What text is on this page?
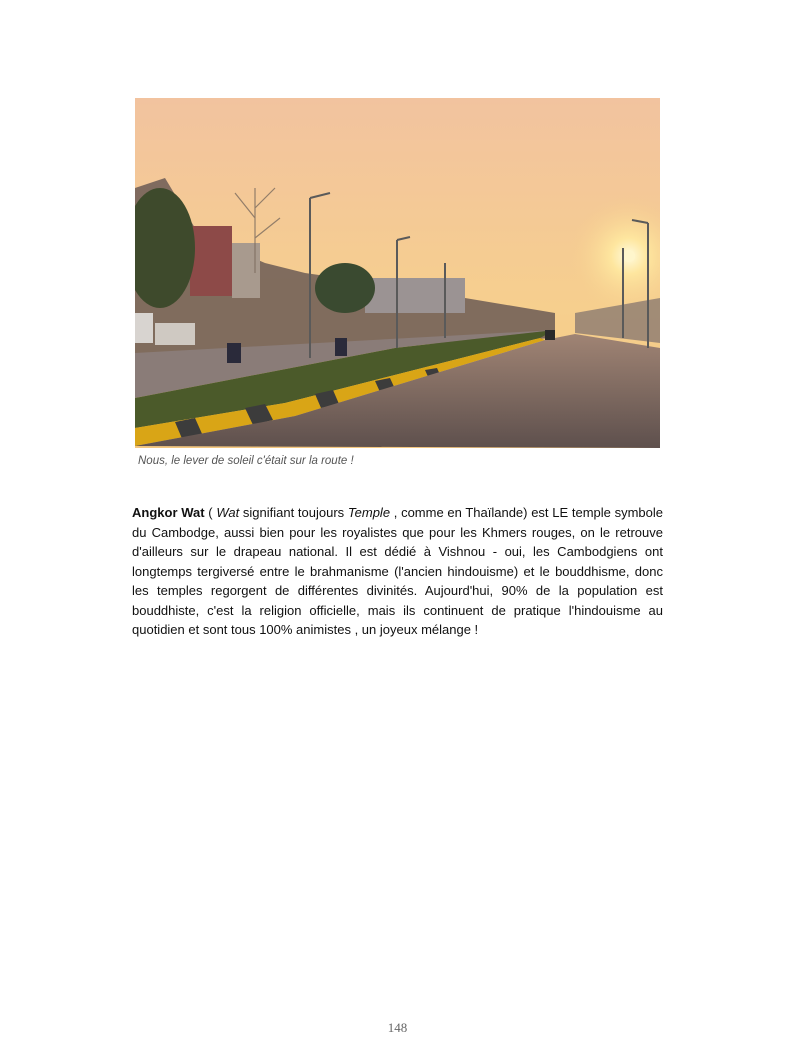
Nous, le lever de soleil c'était sur la route !
Angkor Wat ( Wat signifiant toujours Temple , comme en Thaïlande) est LE temple symbole du Cambodge, aussi bien pour les royalistes que pour les Khmers rouges, on le retrouve d'ailleurs sur le drapeau national. Il est dédié à Vishnou - oui, les Cambodgiens ont longtemps tergiversé entre le brahmanisme (l'ancien hindouisme) et le bouddhisme, donc les temples regorgent de différentes divinités. Aujourd'hui, 90% de la population est bouddhiste, c'est la religion officielle, mais ils continuent de pratique l'hindouisme au quotidien et sont tous 100% animistes , un joyeux mélange !
148
